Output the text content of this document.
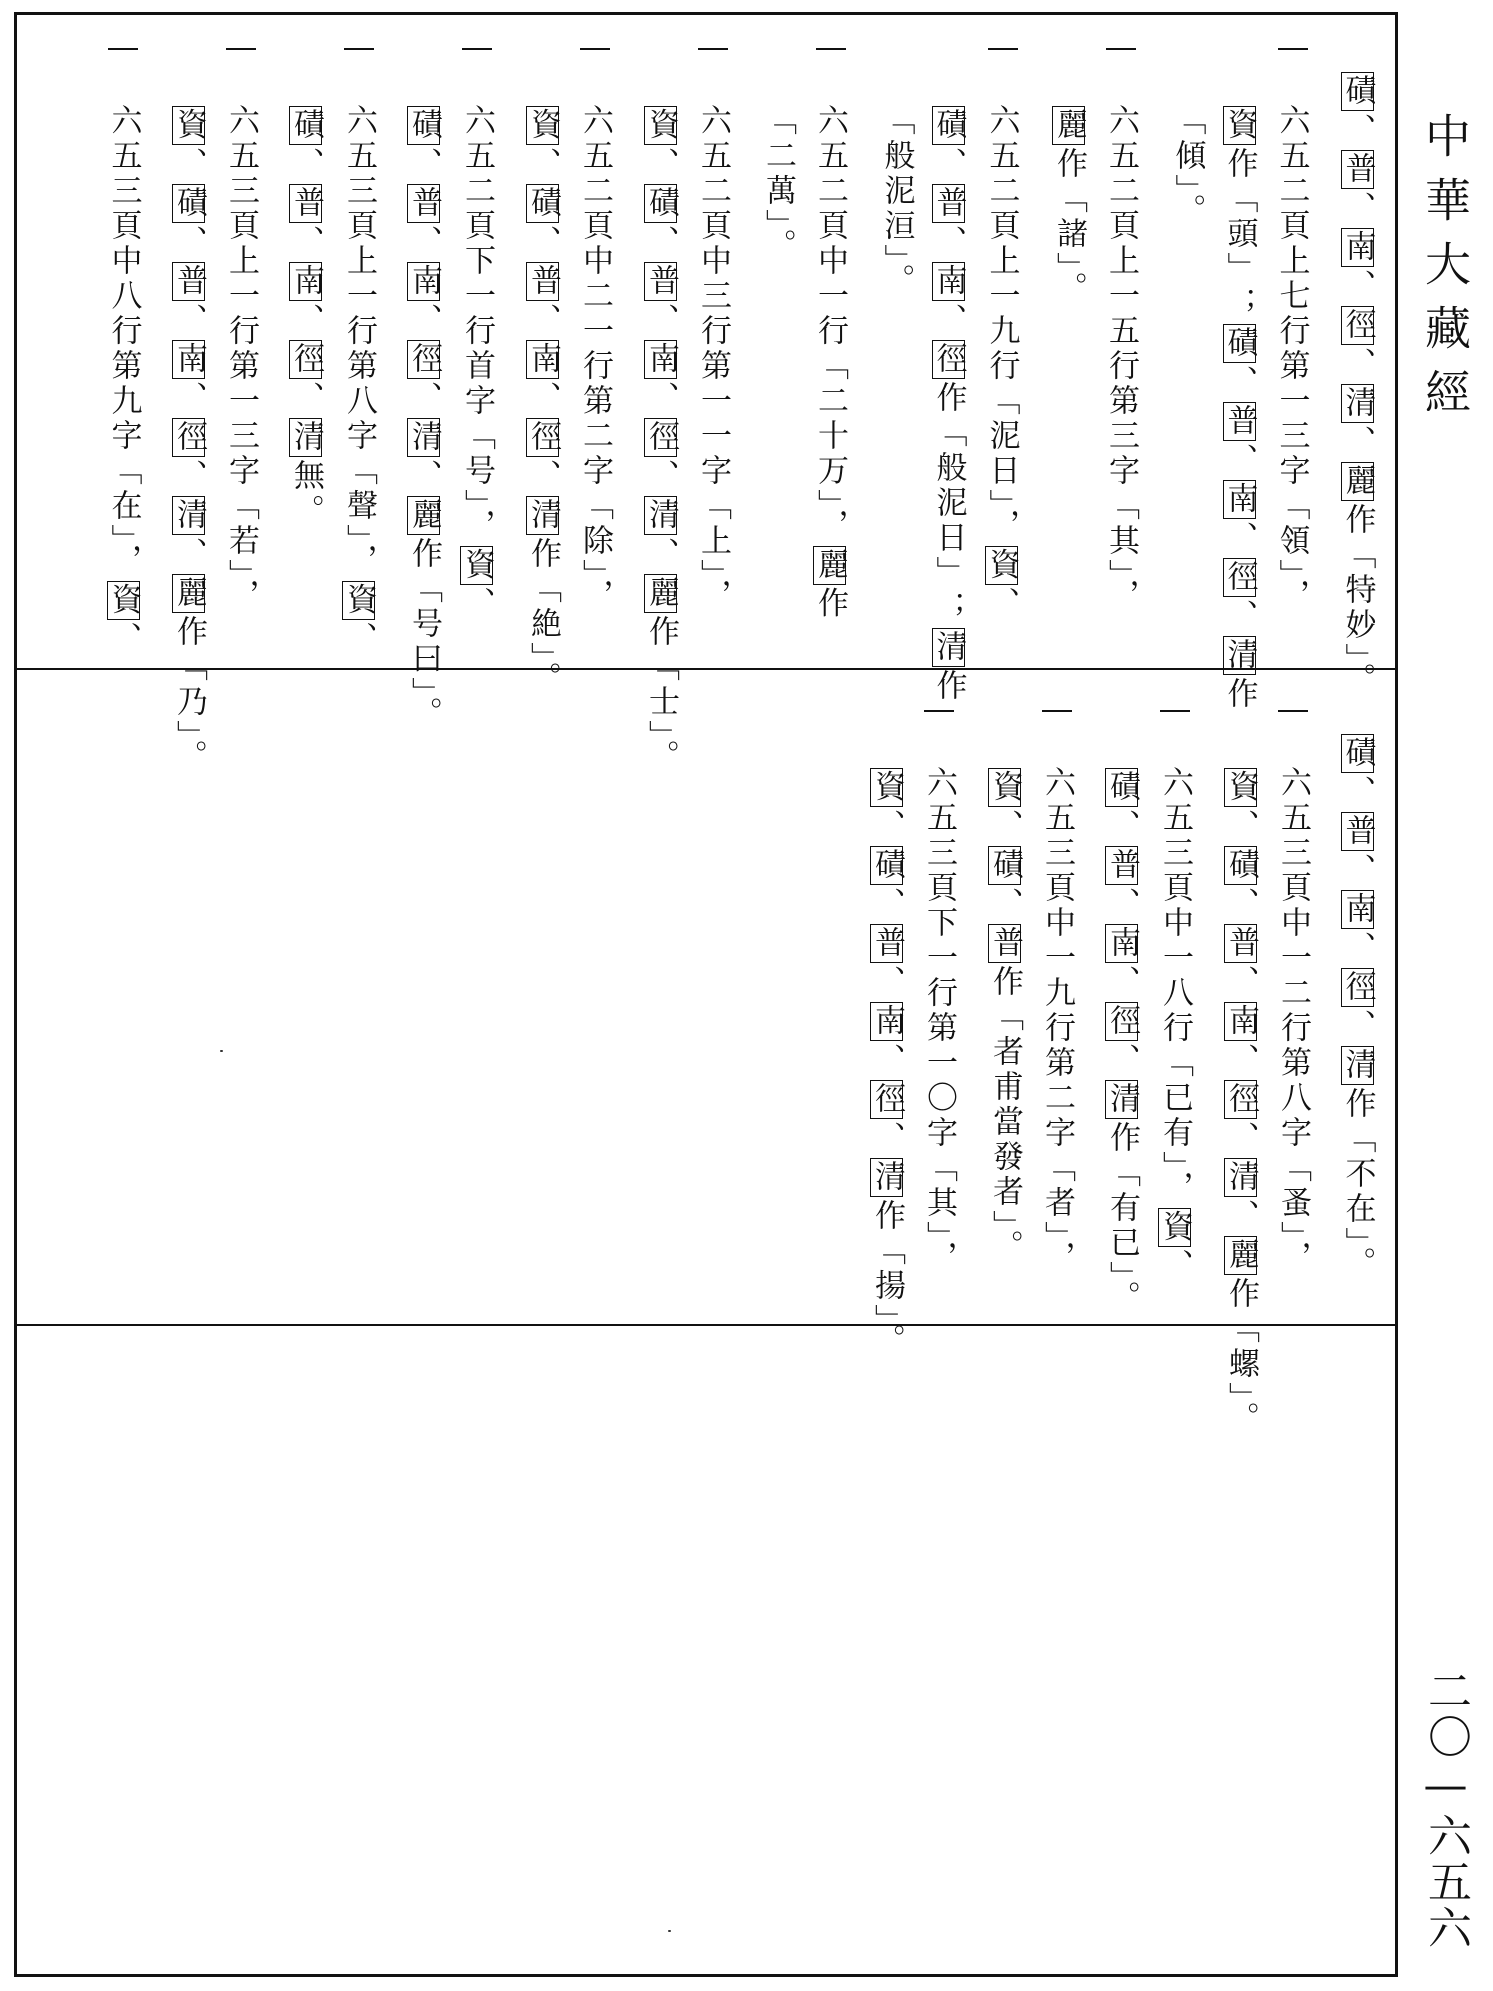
磧、普、南、徑、清、麗作「特妙」。
六五二頁上七行第一三字「領」，
資作「頭」；磧、普、南、徑、清作
「傾」。
六五二頁上一五行第三字「其」，
麗作「諸」。
六五二頁上一九行「泥日」，資、
磧、普、南、徑作「般泥日」；清作
「般泥洹」。
六五二頁中一行「二十万」，麗作
「二萬」。
六五二頁中三行第一一字「上」，
資、磧、普、南、徑、清、麗作「士」。
六五二頁中二一行第二字「除」，
資、磧、普、南、徑、清作「絶」。
六五二頁下一行首字「号」，資、
磧、普、南、徑、清、麗作「号曰」。
六五三頁上一行第八字「聲」，資、
磧、普、南、徑、清無。
六五三頁上一行第一三字「若」，
資、磧、普、南、徑、清、麗作「乃」。
六五三頁中八行第九字「在」，資、
磧、普、南、徑、清作「不在」。
六五三頁中一二行第八字「蚤」，
資、磧、普、南、徑、清、麗作「螺」。
六五三頁中一八行「已有」，資、
磧、普、南、徑、清作「有已」。
六五三頁中一九行第二字「者」，
資、磧、普作「者甫當發者」。
六五三頁下一行第一〇字「其」，
資、磧、普、南、徑、清作「揚」。
中華大藏經
二〇—六五六
